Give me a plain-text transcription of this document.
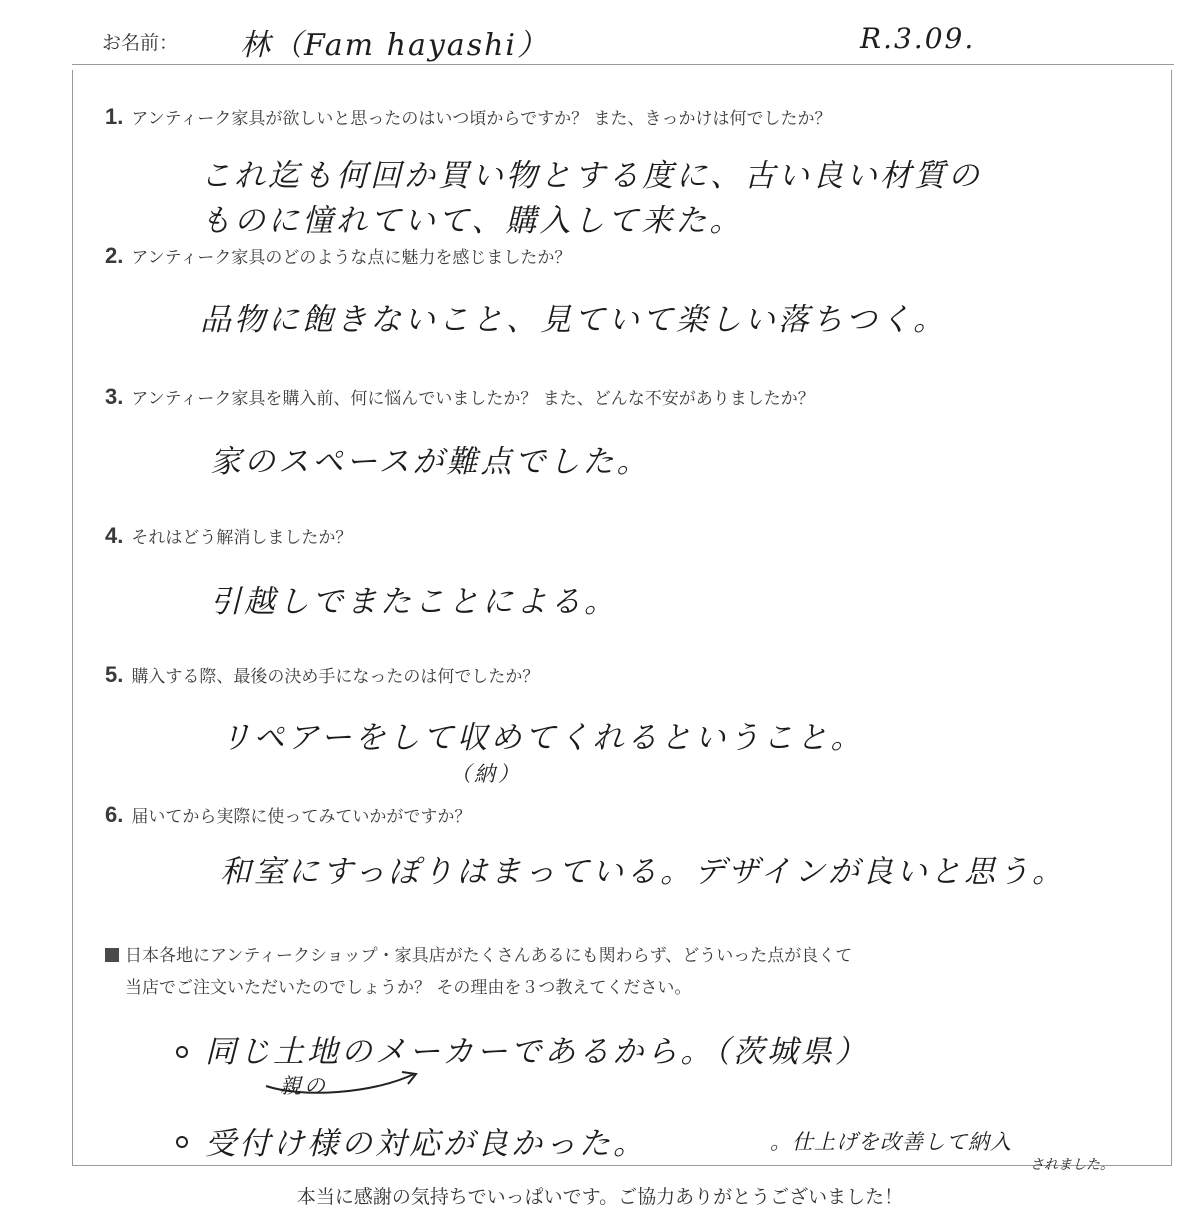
お名前： 林（Fam hayashi）	R.3.09.
1. アンティーク家具が欲しいと思ったのはいつ頃からですか？ また、きっかけは何でしたか？
これ迄も何回か買い物とする度に、古い良い材質の
ものに憧れていて、購入して来た。
2. アンティーク家具のどのような点に魅力を感じましたか？
品物に飽きないこと、見ていて楽しい落ちつく。
3. アンティーク家具を購入前、何に悩んでいましたか？ また、どんな不安がありましたか？
家のスペースが難点でした。
4. それはどう解消しましたか？
引越しでまたことによる。
5. 購入する際、最後の決め手になったのは何でしたか？
リペアーをして収めてくれるということ。
（納）
6. 届いてから実際に使ってみていかがですか？
和室にすっぽりはまっている。デザインが良いと思う。
日本各地にアンティークショップ・家具店がたくさんあるにも関わらず、どういった点が良くて
当店でご注文いただいたのでしょうか？ その理由を３つ教えてください。
同じ土地のメーカーであるから。（茨城県）
親の
受付け様の対応が良かった。	。仕上げを改善して納入
されました。
本当に感謝の気持ちでいっぱいです。ご協力ありがとうございました！
